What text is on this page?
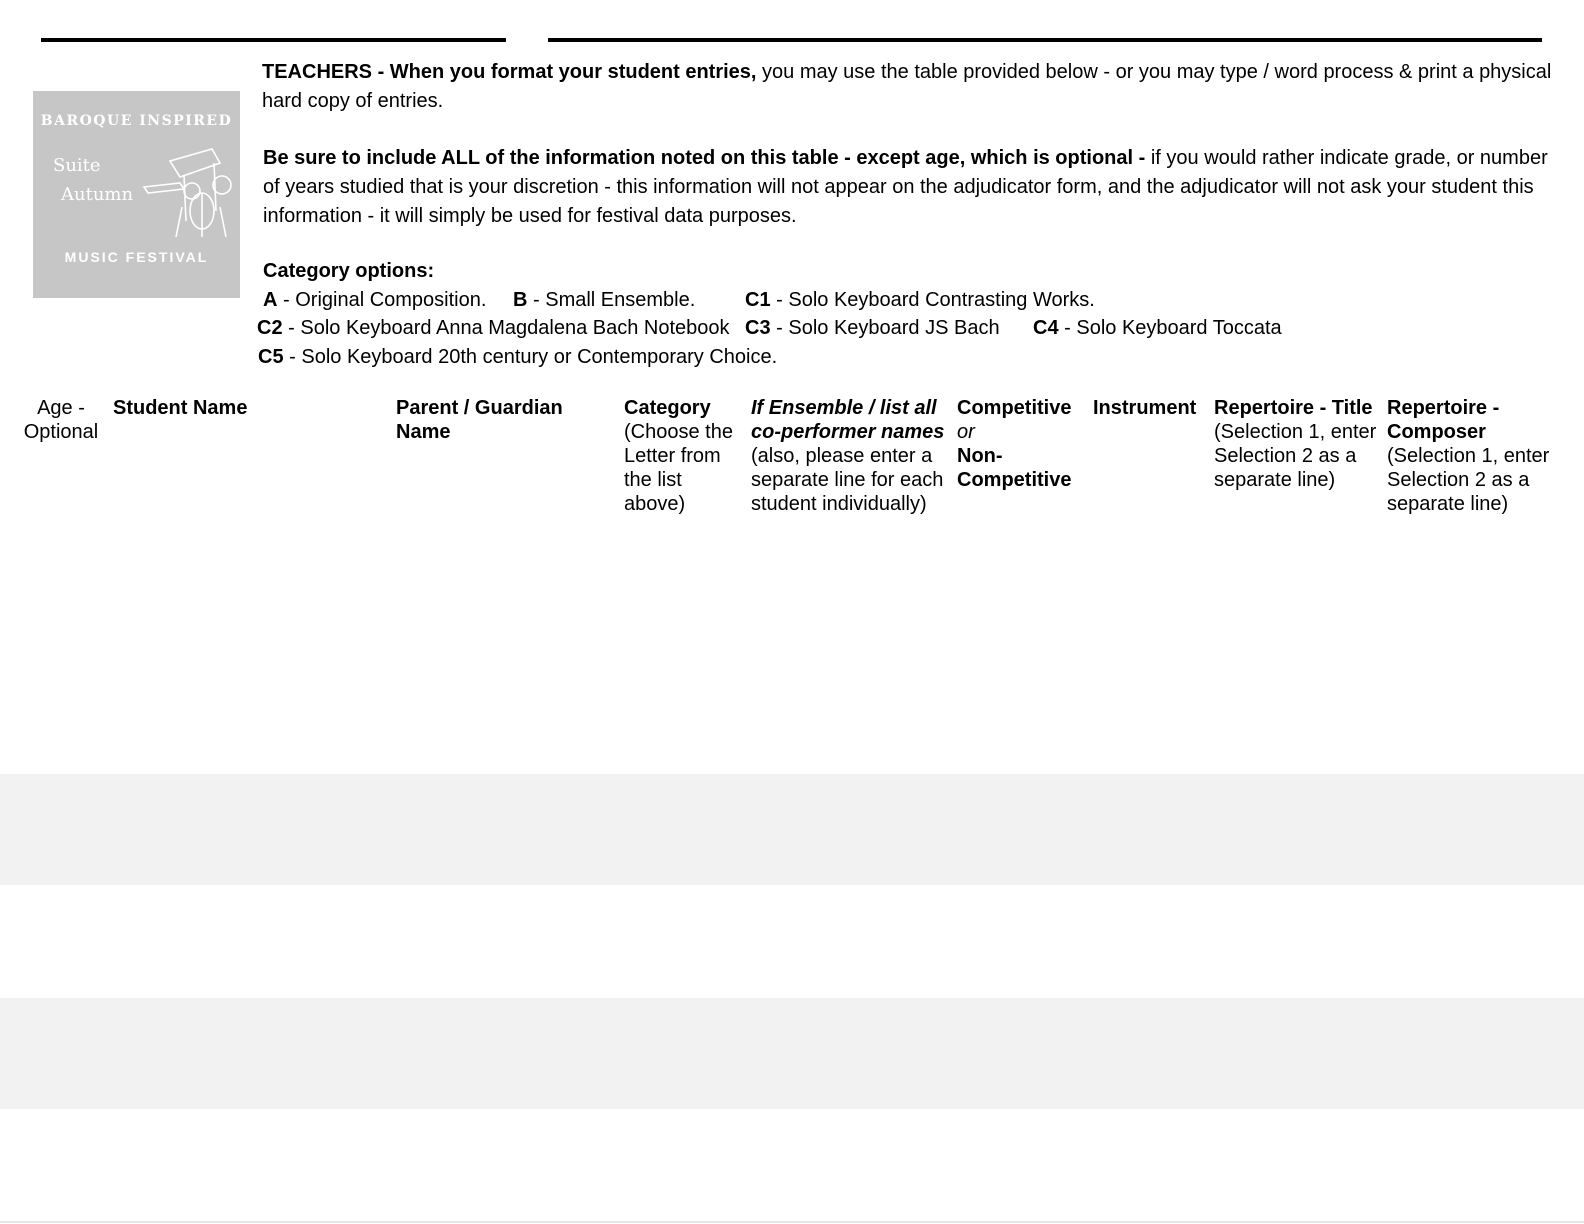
BAROQUE INSPIRED
Suite
Autumn
MUSIC FESTIVAL
TEACHERS - When you format your student entries, you may use the table provided below - or you may type / word process & print a physical hard copy of entries.
Be sure to include ALL of the information noted on this table - except age, which is optional - if you would rather indicate grade, or number of years studied that is your discretion - this information will not appear on the adjudicator form, and the adjudicator will not ask your student this information - it will simply be used for festival data purposes.
Category options:
A - Original Composition. B - Small Ensemble. C1 - Solo Keyboard Contrasting Works.
C2 - Solo Keyboard Anna Magdalena Bach Notebook C3 - Solo Keyboard JS Bach C4 - Solo Keyboard Toccata
C5 - Solo Keyboard 20th century or Contemporary Choice.
Age -
Optional
Student Name	Parent / Guardian Name
Category
(Choose the Letter from the list above)
If Ensemble / list all co-performer names (also, please enter a separate line for each student individually)
Competitive
or
Non-Competitive
Instrument Repertoire - Title
(Selection 1, enter Selection 2 as a separate line)
Repertoire - Composer
(Selection 1, enter Selection 2 as a separate line)
